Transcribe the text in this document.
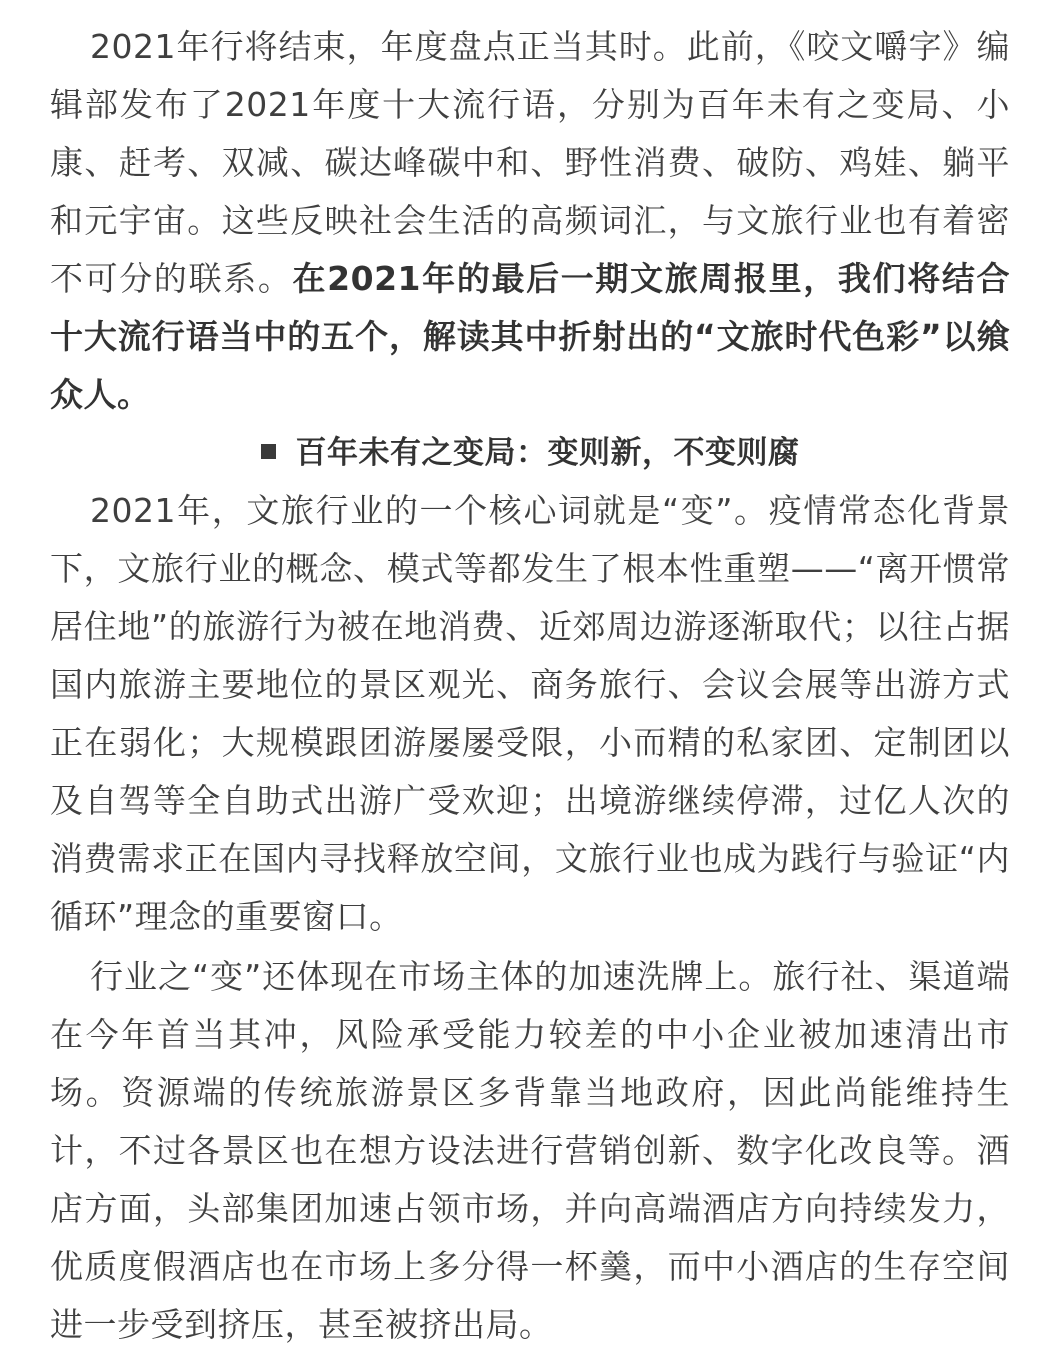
2021年行将结束，年度盘点正当其时。此前，《咬文嚼字》编辑部发布了2021年度十大流行语，分别为百年未有之变局、小康、赶考、双减、碳达峰碳中和、野性消费、破防、鸡娃、躺平和元宇宙。这些反映社会生活的高频词汇，与文旅行业也有着密不可分的联系。在2021年的最后一期文旅周报里，我们将结合十大流行语当中的五个，解读其中折射出的“文旅时代色彩”以飨众人。

百年未有之变局：变则新，不变则腐

2021年，文旅行业的一个核心词就是“变”。疫情常态化背景下，文旅行业的概念、模式等都发生了根本性重塑——“离开惯常居住地”的旅游行为被在地消费、近郊周边游逐渐取代；以往占据国内旅游主要地位的景区观光、商务旅行、会议会展等出游方式正在弱化；大规模跟团游屡屡受限，小而精的私家团、定制团以及自驾等全自助式出游广受欢迎；出境游继续停滞，过亿人次的消费需求正在国内寻找释放空间，文旅行业也成为践行与验证“内循环”理念的重要窗口。

行业之“变”还体现在市场主体的加速洗牌上。旅行社、渠道端在今年首当其冲，风险承受能力较差的中小企业被加速清出市场。资源端的传统旅游景区多背靠当地政府，因此尚能维持生计，不过各景区也在想方设法进行营销创新、数字化改良等。酒店方面，头部集团加速占领市场，并向高端酒店方向持续发力，优质度假酒店也在市场上多分得一杯羹，而中小酒店的生存空间进一步受到挤压，甚至被挤出局。
